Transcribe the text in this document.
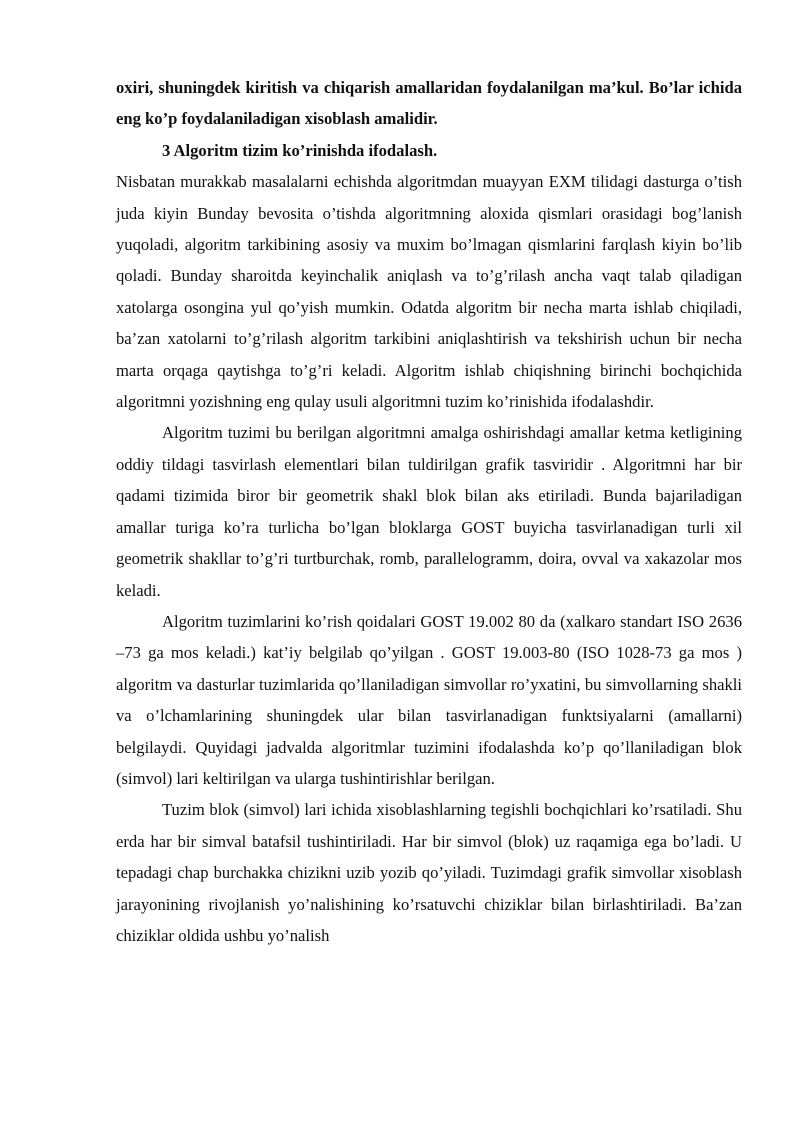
oxiri, shuningdek kiritish va chiqarish amallaridan foydalanilgan ma’kul. Bo’lar ichida eng ko’p foydalaniladigan xisoblash amalidir.

3 Algoritm tizim ko’rinishda ifodalash.

Nisbatan murakkab masalalarni echishda algoritmdan muayyan EXM tilidagi dasturga o’tish juda kiyin Bunday bevosita o’tishda algoritmning aloxida qismlari orasidagi bog’lanish yuqoladi, algoritm tarkibining asosiy va muxim bo’lmagan qismlarini farqlash kiyin bo’lib qoladi. Bunday sharoitda keyinchalik aniqlash va to’g’rilash ancha vaqt talab qiladigan xatolarga osongina yul qo’yish mumkin. Odatda algoritm bir necha marta ishlab chiqiladi, ba’zan xatolarni to’g’rilash algoritm tarkibini aniqlashtirish va tekshirish uchun bir necha marta orqaga qaytishga to’g’ri keladi. Algoritm ishlab chiqishning birinchi bochqichida algoritmni yozishning eng qulay usuli algoritmni tuzim ko’rinishida ifodalashdir.

Algoritm tuzimi bu berilgan algoritmni amalga oshirishdagi amallar ketma ketligining oddiy tildagi tasvirlash elementlari bilan tuldirilgan grafik tasviridir . Algoritmni har bir qadami tizimida biror bir geometrik shakl blok bilan aks etiriladi. Bunda bajariladigan amallar turiga ko’ra turlicha bo’lgan bloklarga GOST buyicha tasvirlanadigan turli xil geometrik shakllar to’g’ri turtburchak, romb, parallelogramm, doira, ovval va xakazolar mos keladi.

Algoritm tuzimlarini ko’rish qoidalari GOST 19.002 80 da (xalkaro standart ISO 2636 –73 ga mos keladi.) kat’iy belgilab qo’yilgan . GOST 19.003-80 (ISO 1028-73 ga mos ) algoritm va dasturlar tuzimlarida qo’llaniladigan simvollar ro’yxatini, bu simvollarning shakli va o’lchamlarining shuningdek ular bilan tasvirlanadigan funktsiyalarni (amallarni) belgilaydi. Quyidagi jadvalda algoritmlar tuzimini ifodalashda ko’p qo’llaniladigan blok (simvol) lari keltirilgan va ularga tushintirishlar berilgan.

Tuzim blok (simvol) lari ichida xisoblashlarning tegishli bochqichlari ko’rsatiladi. Shu erda har bir simval batafsil tushintiriladi. Har bir simvol (blok) uz raqamiga ega bo’ladi. U tepadagi chap burchakka chizikni uzib yozib qo’yiladi. Tuzimdagi grafik simvollar xisoblash jarayonining rivojlanish yo’nalishining ko’rsatuvchi chiziklar bilan birlashtiriladi. Ba’zan chiziklar oldida ushbu yo’nalish
